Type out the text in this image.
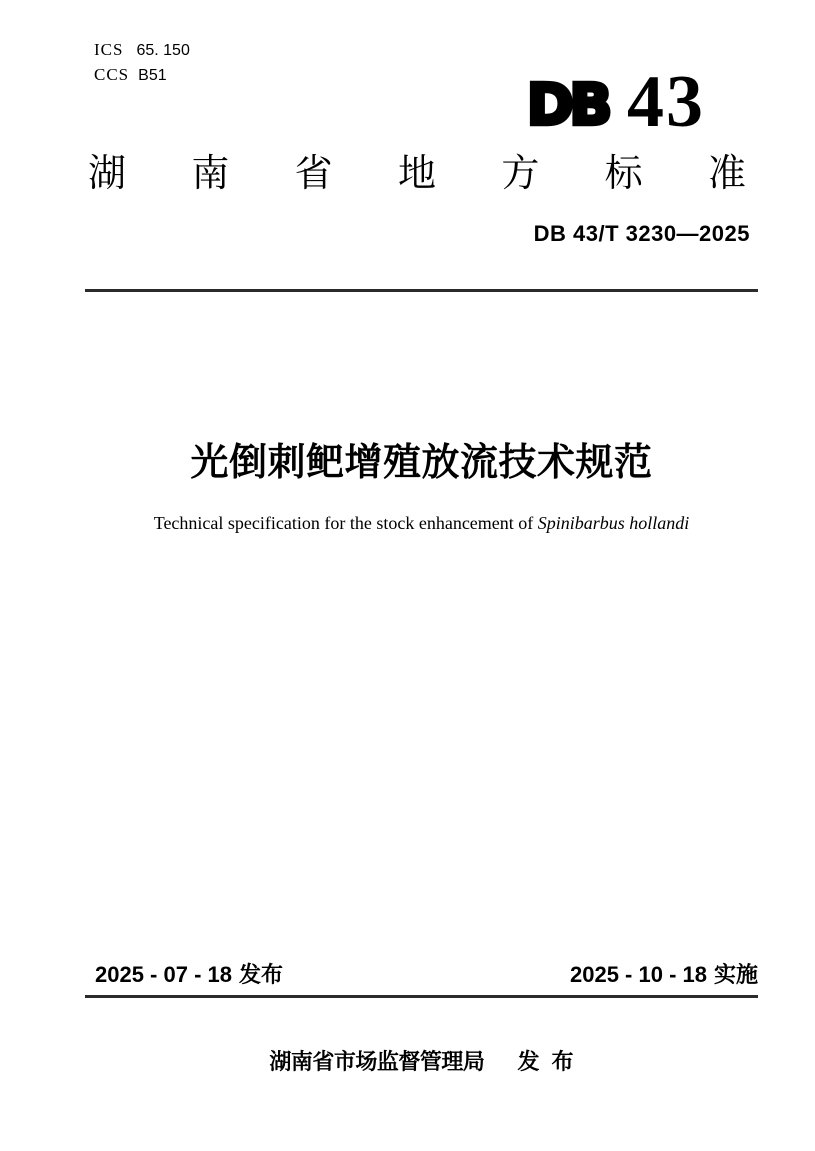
ICS 65. 150
CCS B51	DB 43
湖南省地方标准
DB 43/T 3230—2025
光倒刺鲃增殖放流技术规范
Technical specification for the stock enhancement of Spinibarbus hollandi
2025 - 07 - 18 发布	2025 - 10 - 18 实施
湖南省市场监督管理局 发 布
